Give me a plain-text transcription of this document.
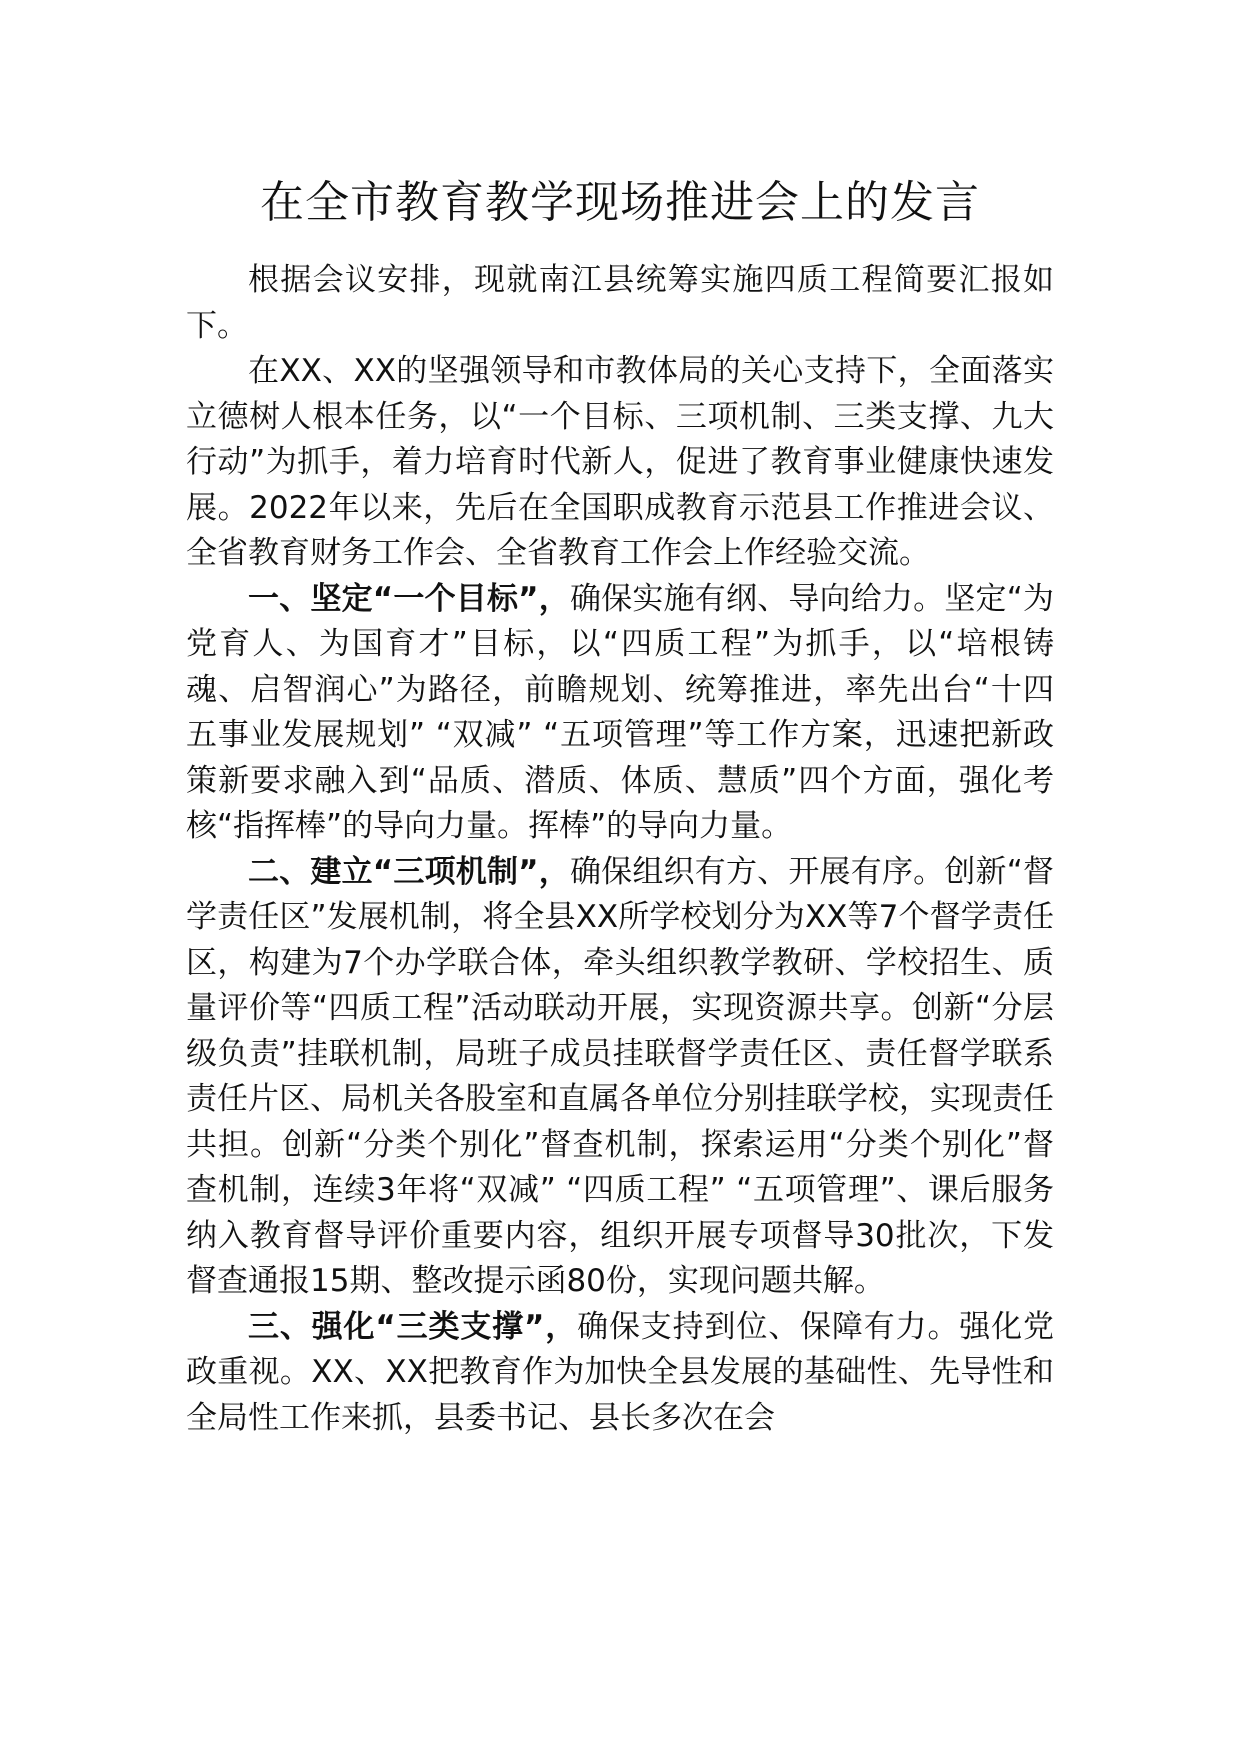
在全市教育教学现场推进会上的发言

根据会议安排，现就南江县统筹实施四质工程简要汇报如下。

在XX、XX的坚强领导和市教体局的关心支持下，全面落实立德树人根本任务，以“一个目标、三项机制、三类支撑、九大行动”为抓手，着力培育时代新人，促进了教育事业健康快速发展。2022年以来，先后在全国职成教育示范县工作推进会议、全省教育财务工作会、全省教育工作会上作经验交流。

一、坚定“一个目标”，确保实施有纲、导向给力。坚定“为党育人、为国育才”目标，以“四质工程”为抓手，以“培根铸魂、启智润心”为路径，前瞻规划、统筹推进，率先出台“十四五事业发展规划” “双减” “五项管理”等工作方案，迅速把新政策新要求融入到“品质、潜质、体质、慧质”四个方面，强化考核“指挥棒”的导向力量。挥棒”的导向力量。

二、建立“三项机制”，确保组织有方、开展有序。创新“督学责任区”发展机制，将全县XX所学校划分为XX等7个督学责任区，构建为7个办学联合体，牵头组织教学教研、学校招生、质量评价等“四质工程”活动联动开展，实现资源共享。创新“分层级负责”挂联机制，局班子成员挂联督学责任区、责任督学联系责任片区、局机关各股室和直属各单位分别挂联学校，实现责任共担。创新“分类个别化”督查机制，探索运用“分类个别化”督查机制，连续3年将“双减” “四质工程” “五项管理”、课后服务纳入教育督导评价重要内容，组织开展专项督导30批次，下发督查通报15期、整改提示函80份，实现问题共解。

三、强化“三类支撑”，确保支持到位、保障有力。强化党政重视。XX、XX把教育作为加快全县发展的基础性、先导性和全局性工作来抓，县委书记、县长多次在会
